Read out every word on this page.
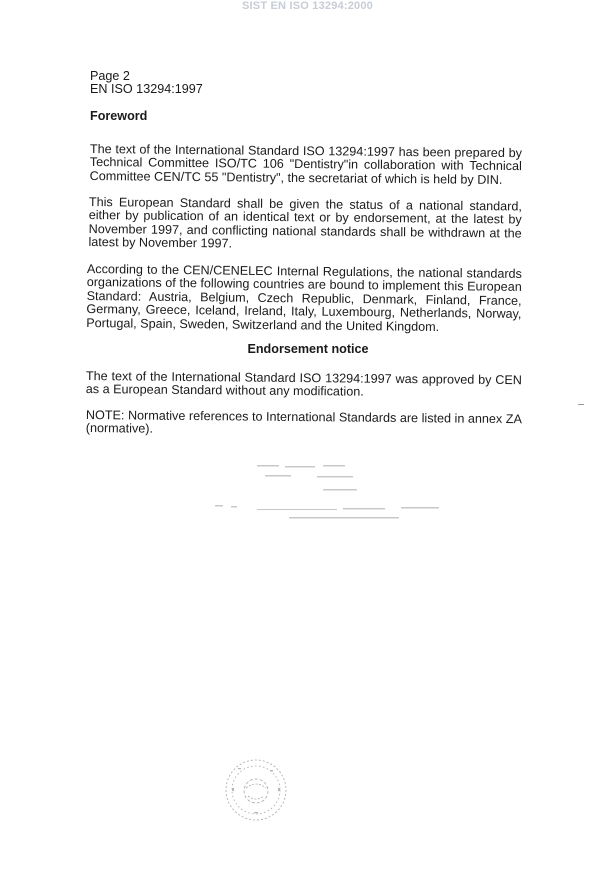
SIST EN ISO 13294:2000
Page 2
EN ISO 13294:1997
Foreword

The text of the International Standard ISO 13294:1997 has been prepared by Technical Committee ISO/TC 106 "Dentistry"in collaboration with Technical Committee CEN/TC 55 "Dentistry", the secretariat of which is held by DIN.

This European Standard shall be given the status of a national standard, either by publication of an identical text or by endorsement, at the latest by November 1997, and conflicting national standards shall be withdrawn at the latest by November 1997.

According to the CEN/CENELEC Internal Regulations, the national standards organizations of the following countries are bound to implement this European Standard: Austria, Belgium, Czech Republic, Denmark, Finland, France, Germany, Greece, Iceland, Ireland, Italy, Luxembourg, Netherlands, Norway, Portugal, Spain, Sweden, Switzerland and the United Kingdom.

Endorsement notice

The text of the International Standard ISO 13294:1997 was approved by CEN as a European Standard without any modification.

NOTE: Normative references to International Standards are listed in annex ZA (normative).
